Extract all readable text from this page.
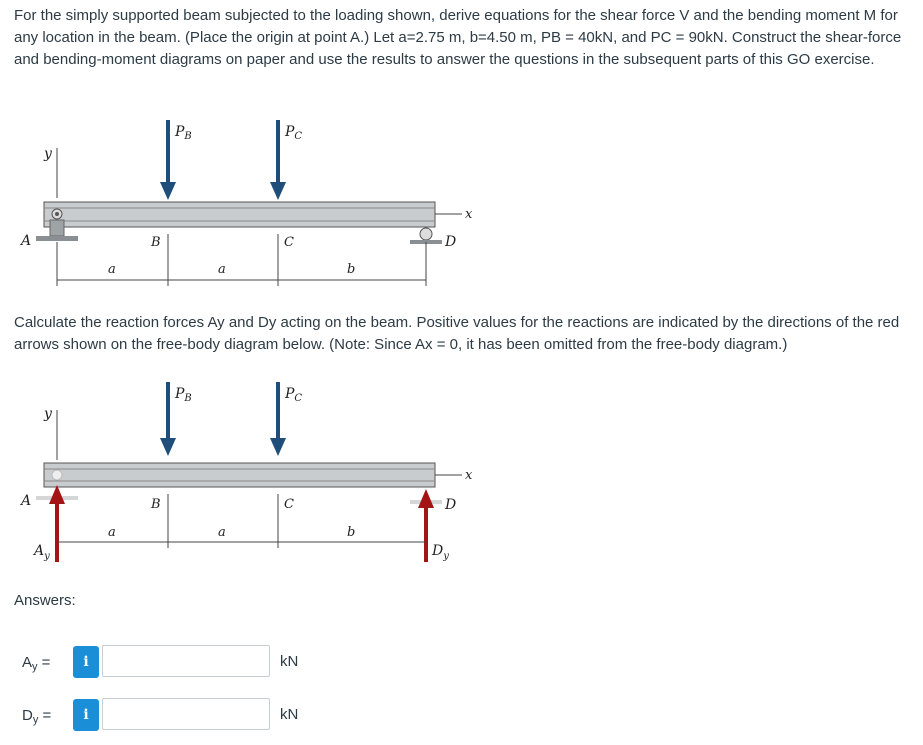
For the simply supported beam subjected to the loading shown, derive equations for the shear force V and the bending moment M for any location in the beam. (Place the origin at point A.) Let a=2.75 m, b=4.50 m, PB = 40kN, and PC = 90kN. Construct the shear-force and bending-moment diagrams on paper and use the results to answer the questions in the subsequent parts of this GO exercise.

y
$P_B$	$P_C$
x
A	D
B	C
a	a	b

Calculate the reaction forces Ay and Dy acting on the beam. Positive values for the reactions are indicated by the directions of the red arrows shown on the free-body diagram below. (Note: Since Ax = 0, it has been omitted from the free-body diagram.)

y
$P_B$	$P_C$
x
A	D
$A_y$	$D_y$
B	C
a	a	b
Answers:
$A_y$ =	i	kN
$D_y$ =	i	kN
